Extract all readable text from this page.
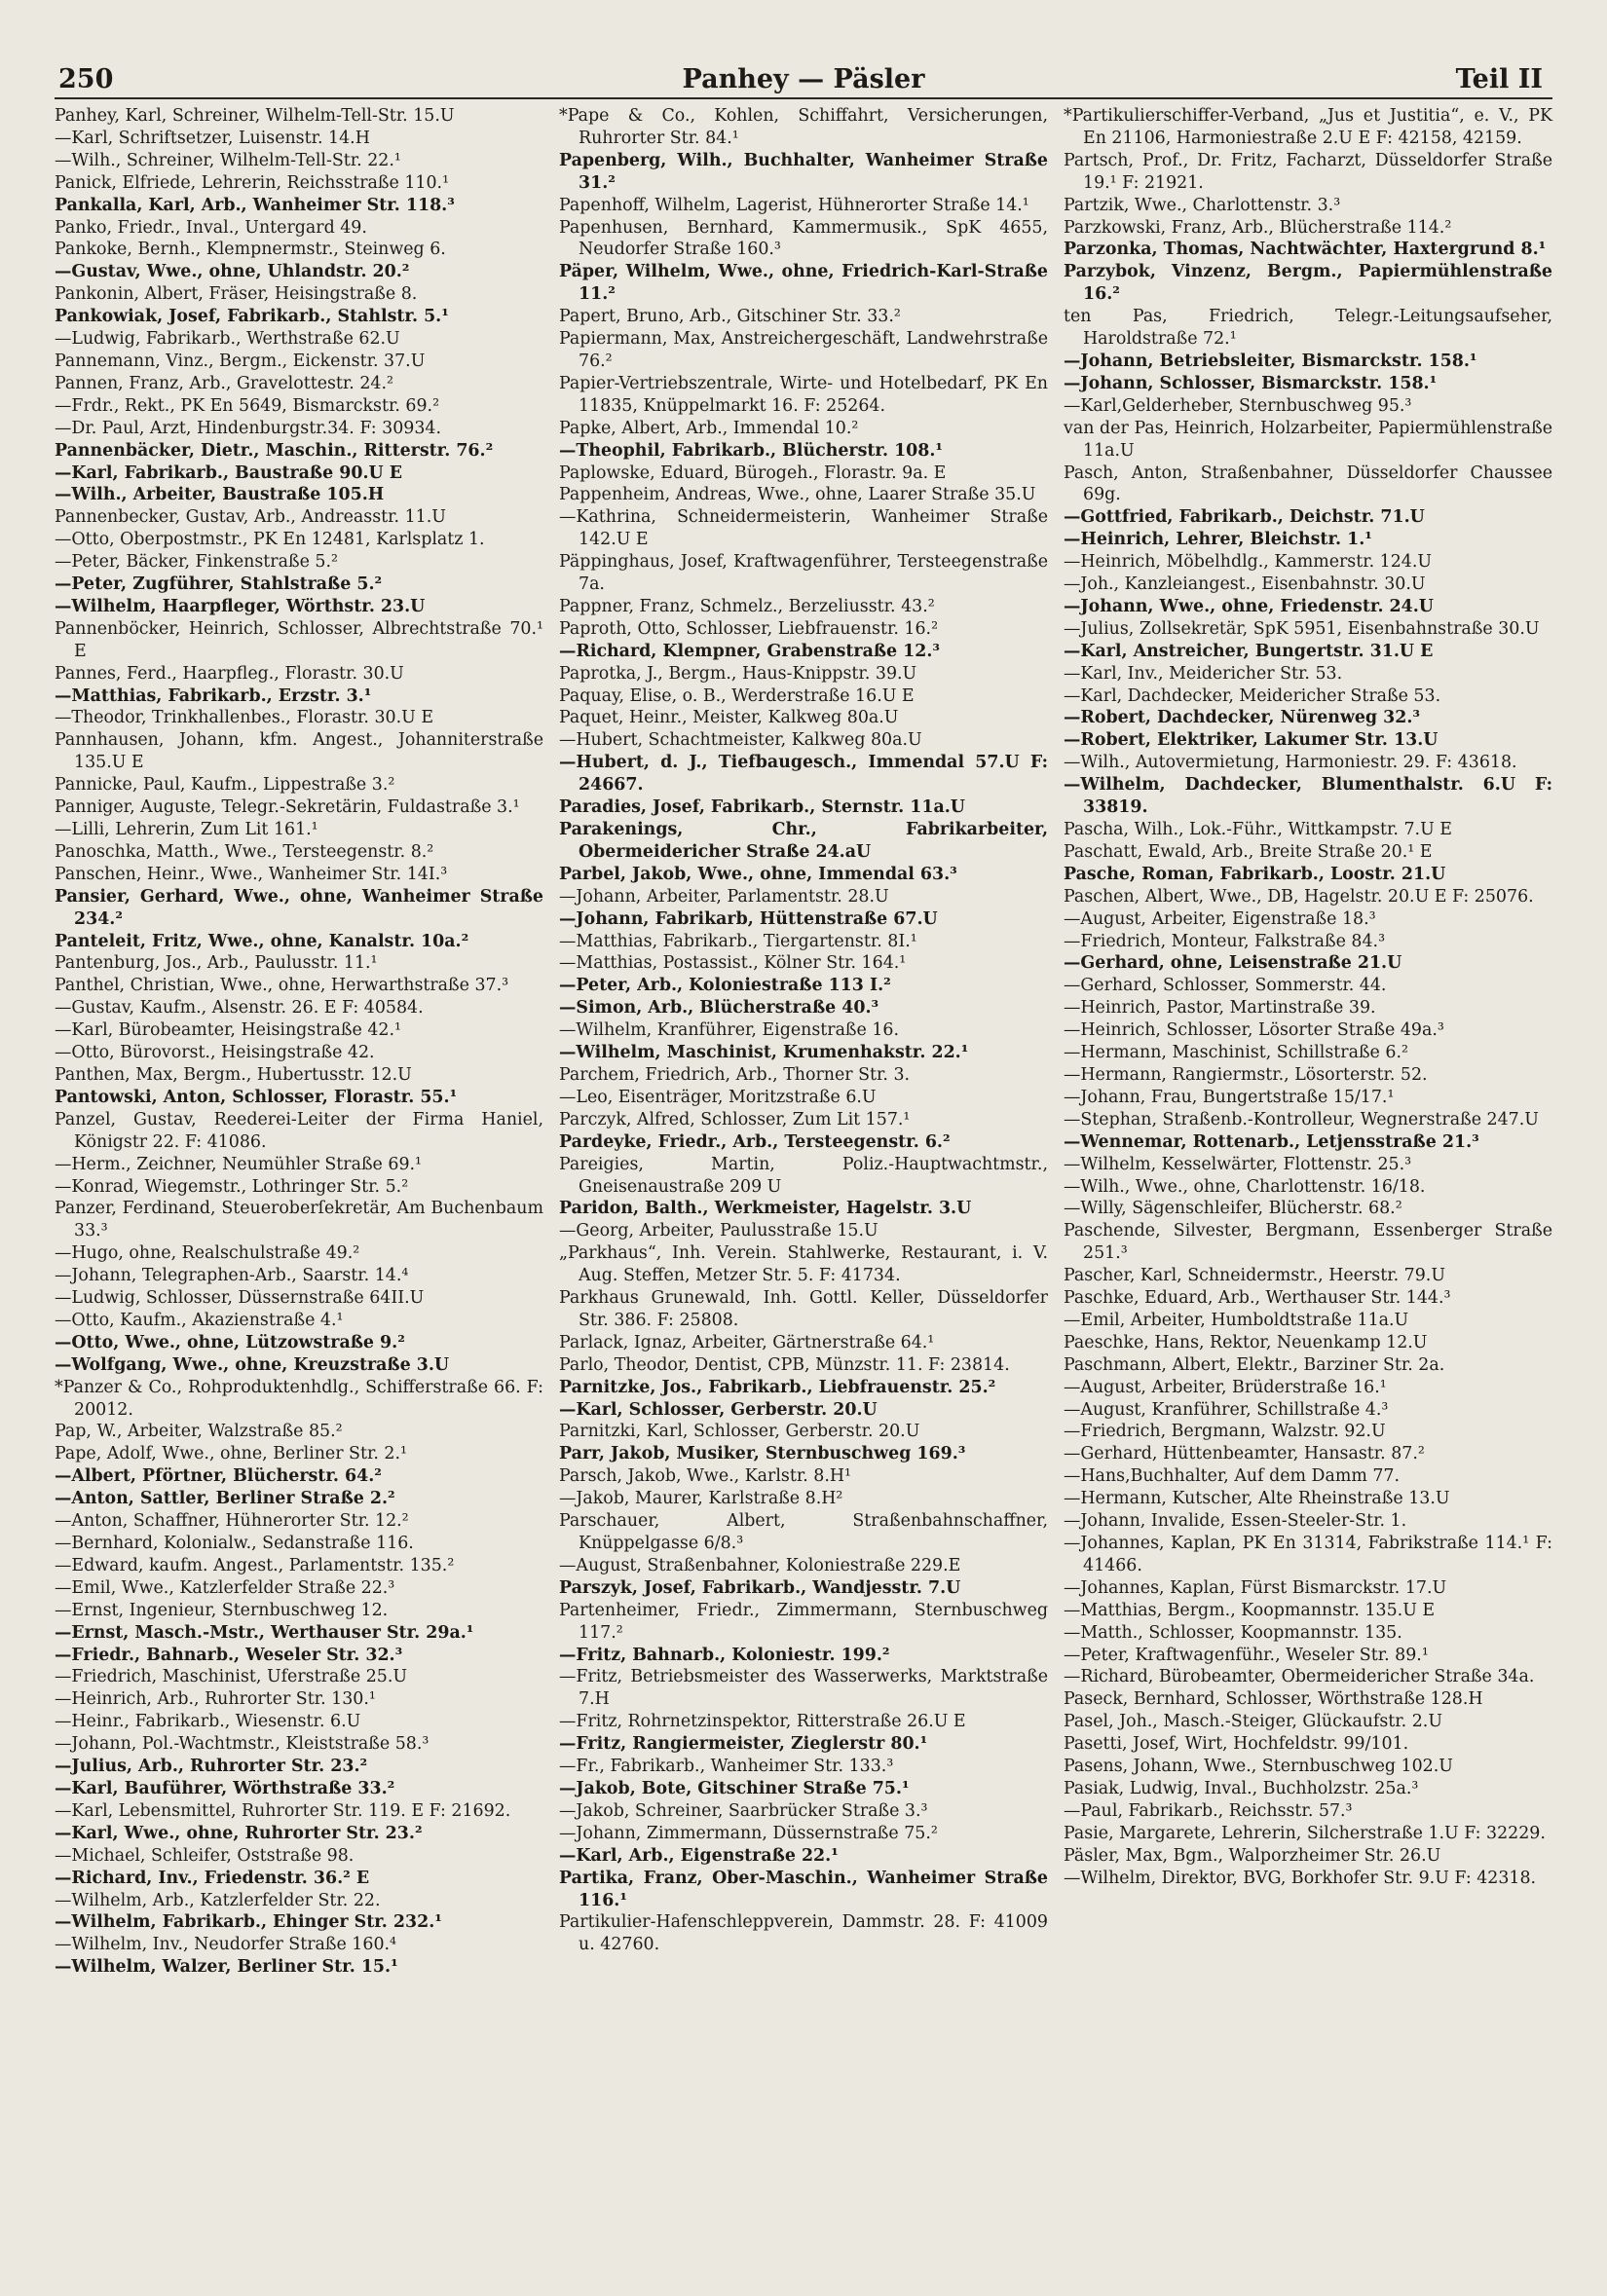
250	Panhey — Päsler	Teil II

Panhey, Karl, Schreiner, Wilhelm-Tell-Str. 15.U

—Karl, Schriftsetzer, Luisenstr. 14.H

—Wilh., Schreiner, Wilhelm-Tell-Str. 22.¹

Panick, Elfriede, Lehrerin, Reichsstraße 110.¹

Pankalla, Karl, Arb., Wanheimer Str. 118.³

Panko, Friedr., Inval., Untergard 49.

Pankoke, Bernh., Klempnermstr., Steinweg 6.

—Gustav, Wwe., ohne, Uhlandstr. 20.²

Pankonin, Albert, Fräser, Heisingstraße 8.

Pankowiak, Josef, Fabrikarb., Stahlstr. 5.¹

—Ludwig, Fabrikarb., Werthstraße 62.U

Pannemann, Vinz., Bergm., Eickenstr. 37.U

Pannen, Franz, Arb., Gravelottestr. 24.²

—Frdr., Rekt., PK En 5649, Bismarckstr. 69.²

—Dr. Paul, Arzt, Hindenburgstr.34. F: 30934.

Pannenbäcker, Dietr., Maschin., Ritterstr. 76.²

—Karl, Fabrikarb., Baustraße 90.U E

—Wilh., Arbeiter, Baustraße 105.H

Pannenbecker, Gustav, Arb., Andreasstr. 11.U

—Otto, Oberpostmstr., PK En 12481, Karlsplatz 1.

—Peter, Bäcker, Finkenstraße 5.²

—Peter, Zugführer, Stahlstraße 5.²

—Wilhelm, Haarpfleger, Wörthstr. 23.U

Pannenböcker, Heinrich, Schlosser, Albrechtstraße 70.¹ E

Pannes, Ferd., Haarpfleg., Florastr. 30.U

—Matthias, Fabrikarb., Erzstr. 3.¹

—Theodor, Trinkhallenbes., Florastr. 30.U E

Pannhausen, Johann, kfm. Angest., Johanniterstraße 135.U E

Pannicke, Paul, Kaufm., Lippestraße 3.²

Panniger, Auguste, Telegr.-Sekretärin, Fuldastraße 3.¹

—Lilli, Lehrerin, Zum Lit 161.¹

Panoschka, Matth., Wwe., Tersteegenstr. 8.²

Panschen, Heinr., Wwe., Wanheimer Str. 14I.³

Pansier, Gerhard, Wwe., ohne, Wanheimer Straße 234.²

Panteleit, Fritz, Wwe., ohne, Kanalstr. 10a.²

Pantenburg, Jos., Arb., Paulusstr. 11.¹

Panthel, Christian, Wwe., ohne, Herwarthstraße 37.³

—Gustav, Kaufm., Alsenstr. 26. E F: 40584.

—Karl, Bürobeamter, Heisingstraße 42.¹

—Otto, Bürovorst., Heisingstraße 42.

Panthen, Max, Bergm., Hubertusstr. 12.U

Pantowski, Anton, Schlosser, Florastr. 55.¹

Panzel, Gustav, Reederei-Leiter der Firma Haniel, Königstr 22. F: 41086.

—Herm., Zeichner, Neumühler Straße 69.¹

—Konrad, Wiegemstr., Lothringer Str. 5.²

Panzer, Ferdinand, Steueroberſekretär, Am Buchenbaum 33.³

—Hugo, ohne, Realschulstraße 49.²

—Johann, Telegraphen-Arb., Saarstr. 14.⁴

—Ludwig, Schlosser, Düssernstraße 64II.U

—Otto, Kaufm., Akazienstraße 4.¹

—Otto, Wwe., ohne, Lützowstraße 9.²

—Wolfgang, Wwe., ohne, Kreuzstraße 3.U

*Panzer & Co., Rohproduktenhdlg., Schifferstraße 66. F: 20012.

Pap, W., Arbeiter, Walzstraße 85.²

Pape, Adolf, Wwe., ohne, Berliner Str. 2.¹

—Albert, Pförtner, Blücherstr. 64.²

—Anton, Sattler, Berliner Straße 2.²

—Anton, Schaffner, Hühnerorter Str. 12.²

—Bernhard, Kolonialw., Sedanstraße 116.

—Edward, kaufm. Angest., Parlamentstr. 135.²

—Emil, Wwe., Katzlerfelder Straße 22.³

—Ernst, Ingenieur, Sternbuschweg 12.

—Ernst, Masch.-Mstr., Werthauser Str. 29a.¹

—Friedr., Bahnarb., Weseler Str. 32.³

—Friedrich, Maschinist, Uferstraße 25.U

—Heinrich, Arb., Ruhrorter Str. 130.¹

—Heinr., Fabrikarb., Wiesenstr. 6.U

—Johann, Pol.-Wachtmstr., Kleiststraße 58.³

—Julius, Arb., Ruhrorter Str. 23.²

—Karl, Bauführer, Wörthstraße 33.²

—Karl, Lebensmittel, Ruhrorter Str. 119. E F: 21692.

—Karl, Wwe., ohne, Ruhrorter Str. 23.²

—Michael, Schleifer, Oststraße 98.

—Richard, Inv., Friedenstr. 36.² E

—Wilhelm, Arb., Katzlerfelder Str. 22.

—Wilhelm, Fabrikarb., Ehinger Str. 232.¹

—Wilhelm, Inv., Neudorfer Straße 160.⁴

—Wilhelm, Walzer, Berliner Str. 15.¹

*Pape & Co., Kohlen, Schiffahrt, Versicherungen, Ruhrorter Str. 84.¹

Papenberg, Wilh., Buchhalter, Wanheimer Straße 31.²

Papenhoff, Wilhelm, Lagerist, Hühnerorter Straße 14.¹

Papenhusen, Bernhard, Kammermusik., SpK 4655, Neudorfer Straße 160.³

Päper, Wilhelm, Wwe., ohne, Friedrich-Karl-Straße 11.²

Papert, Bruno, Arb., Gitschiner Str. 33.²

Papiermann, Max, Anstreichergeschäft, Landwehrstraße 76.²

Papier-Vertriebszentrale, Wirte- und Hotelbedarf, PK En 11835, Knüppelmarkt 16. F: 25264.

Papke, Albert, Arb., Immendal 10.²

—Theophil, Fabrikarb., Blücherstr. 108.¹

Paplowske, Eduard, Bürogeh., Florastr. 9a. E

Pappenheim, Andreas, Wwe., ohne, Laarer Straße 35.U

—Kathrina, Schneidermeisterin, Wanheimer Straße 142.U E

Päppinghaus, Josef, Kraftwagenführer, Tersteegenstraße 7a.

Pappner, Franz, Schmelz., Berzeliusstr. 43.²

Paproth, Otto, Schlosser, Liebfrauenstr. 16.²

—Richard, Klempner, Grabenstraße 12.³

Paprotka, J., Bergm., Haus-Knippstr. 39.U

Paquay, Elise, o. B., Werderstraße 16.U E

Paquet, Heinr., Meister, Kalkweg 80a.U

—Hubert, Schachtmeister, Kalkweg 80a.U

—Hubert, d. J., Tiefbaugesch., Immendal 57.U F: 24667.

Paradies, Josef, Fabrikarb., Sternstr. 11a.U

Parakenings, Chr., Fabrikarbeiter, Obermeidericher Straße 24.aU

Parbel, Jakob, Wwe., ohne, Immendal 63.³

—Johann, Arbeiter, Parlamentstr. 28.U

—Johann, Fabrikarb, Hüttenstraße 67.U

—Matthias, Fabrikarb., Tiergartenstr. 8I.¹

—Matthias, Postassist., Kölner Str. 164.¹

—Peter, Arb., Koloniestraße 113 I.²

—Simon, Arb., Blücherstraße 40.³

—Wilhelm, Kranführer, Eigenstraße 16.

—Wilhelm, Maschinist, Krumenhakstr. 22.¹

Parchem, Friedrich, Arb., Thorner Str. 3.

—Leo, Eisenträger, Moritzstraße 6.U

Parczyk, Alfred, Schlosser, Zum Lit 157.¹

Pardeyke, Friedr., Arb., Tersteegenstr. 6.²

Pareigies, Martin, Poliz.-Hauptwachtmstr., Gneisenaustraße 209 U

Paridon, Balth., Werkmeister, Hagelstr. 3.U

—Georg, Arbeiter, Paulusstraße 15.U

„Parkhaus“, Inh. Verein. Stahlwerke, Restaurant, i. V. Aug. Steffen, Metzer Str. 5. F: 41734.

Parkhaus Grunewald, Inh. Gottl. Keller, Düsseldorfer Str. 386. F: 25808.

Parlack, Ignaz, Arbeiter, Gärtnerstraße 64.¹

Parlo, Theodor, Dentist, CPB, Münzstr. 11. F: 23814.

Parnitzke, Jos., Fabrikarb., Liebfrauenstr. 25.²

—Karl, Schlosser, Gerberstr. 20.U

Parnitzki, Karl, Schlosser, Gerberstr. 20.U

Parr, Jakob, Musiker, Sternbuschweg 169.³

Parsch, Jakob, Wwe., Karlstr. 8.H¹

—Jakob, Maurer, Karlstraße 8.H²

Parschauer, Albert, Straßenbahnschaffner, Knüppelgasse 6/8.³

—August, Straßenbahner, Koloniestraße 229.E

Parszyk, Josef, Fabrikarb., Wandjesstr. 7.U

Partenheimer, Friedr., Zimmermann, Sternbuschweg 117.²

—Fritz, Bahnarb., Koloniestr. 199.²

—Fritz, Betriebsmeister des Wasserwerks, Marktstraße 7.H

—Fritz, Rohrnetzinspektor, Ritterstraße 26.U E

—Fritz, Rangiermeister, Zieglerstr 80.¹

—Fr., Fabrikarb., Wanheimer Str. 133.³

—Jakob, Bote, Gitschiner Straße 75.¹

—Jakob, Schreiner, Saarbrücker Straße 3.³

—Johann, Zimmermann, Düssernstraße 75.²

—Karl, Arb., Eigenstraße 22.¹

Partika, Franz, Ober-Maschin., Wanheimer Straße 116.¹

Partikulier-Hafenschleppverein, Dammstr. 28. F: 41009 u. 42760.

*Partikulierschiffer-Verband, „Jus et Justitia“, e. V., PK En 21106, Harmoniestraße 2.U E F: 42158, 42159.

Partsch, Prof., Dr. Fritz, Facharzt, Düsseldorfer Straße 19.¹ F: 21921.

Partzik, Wwe., Charlottenstr. 3.³

Parzkowski, Franz, Arb., Blücherstraße 114.²

Parzonka, Thomas, Nachtwächter, Haxtergrund 8.¹

Parzybok, Vinzenz, Bergm., Papiermühlenstraße 16.²

ten Pas, Friedrich, Telegr.-Leitungsaufseher, Haroldstraße 72.¹

—Johann, Betriebsleiter, Bismarckstr. 158.¹

—Johann, Schlosser, Bismarckstr. 158.¹

—Karl,Gelderheber, Sternbuschweg 95.³

van der Pas, Heinrich, Holzarbeiter, Papiermühlenstraße 11a.U

Pasch, Anton, Straßenbahner, Düsseldorfer Chaussee 69g.

—Gottfried, Fabrikarb., Deichstr. 71.U

—Heinrich, Lehrer, Bleichstr. 1.¹

—Heinrich, Möbelhdlg., Kammerstr. 124.U

—Joh., Kanzleiangest., Eisenbahnstr. 30.U

—Johann, Wwe., ohne, Friedenstr. 24.U

—Julius, Zollsekretär, SpK 5951, Eisenbahnstraße 30.U

—Karl, Anstreicher, Bungertstr. 31.U E

—Karl, Inv., Meidericher Str. 53.

—Karl, Dachdecker, Meidericher Straße 53.

—Robert, Dachdecker, Nürenweg 32.³

—Robert, Elektriker, Lakumer Str. 13.U

—Wilh., Autovermietung, Harmoniestr. 29. F: 43618.

—Wilhelm, Dachdecker, Blumenthalstr. 6.U F: 33819.

Pascha, Wilh., Lok.-Führ., Wittkampstr. 7.U E

Paschatt, Ewald, Arb., Breite Straße 20.¹ E

Pasche, Roman, Fabrikarb., Loostr. 21.U

Paschen, Albert, Wwe., DB, Hagelstr. 20.U E F: 25076.

—August, Arbeiter, Eigenstraße 18.³

—Friedrich, Monteur, Falkstraße 84.³

—Gerhard, ohne, Leisenstraße 21.U

—Gerhard, Schlosser, Sommerstr. 44.

—Heinrich, Pastor, Martinstraße 39.

—Heinrich, Schlosser, Lösorter Straße 49a.³

—Hermann, Maschinist, Schillstraße 6.²

—Hermann, Rangiermstr., Lösorterstr. 52.

—Johann, Frau, Bungertstraße 15/17.¹

—Stephan, Straßenb.-Kontrolleur, Wegnerstraße 247.U

—Wennemar, Rottenarb., Letjensstraße 21.³

—Wilhelm, Kesselwärter, Flottenstr. 25.³

—Wilh., Wwe., ohne, Charlottenstr. 16/18.

—Willy, Sägenschleifer, Blücherstr. 68.²

Paschende, Silvester, Bergmann, Essenberger Straße 251.³

Pascher, Karl, Schneidermstr., Heerstr. 79.U

Paschke, Eduard, Arb., Werthauser Str. 144.³

—Emil, Arbeiter, Humboldtstraße 11a.U

Paeschke, Hans, Rektor, Neuenkamp 12.U

Paschmann, Albert, Elektr., Barziner Str. 2a.

—August, Arbeiter, Brüderstraße 16.¹

—August, Kranführer, Schillstraße 4.³

—Friedrich, Bergmann, Walzstr. 92.U

—Gerhard, Hüttenbeamter, Hansastr. 87.²

—Hans,Buchhalter, Auf dem Damm 77.

—Hermann, Kutscher, Alte Rheinstraße 13.U

—Johann, Invalide, Essen-Steeler-Str. 1.

—Johannes, Kaplan, PK En 31314, Fabrikstraße 114.¹ F: 41466.

—Johannes, Kaplan, Fürst Bismarckstr. 17.U

—Matthias, Bergm., Koopmannstr. 135.U E

—Matth., Schlosser, Koopmannstr. 135.

—Peter, Kraftwagenführ., Weseler Str. 89.¹

—Richard, Bürobeamter, Obermeidericher Straße 34a.

Paseck, Bernhard, Schlosser, Wörthstraße 128.H

Pasel, Joh., Masch.-Steiger, Glückaufstr. 2.U

Pasetti, Josef, Wirt, Hochfeldstr. 99/101.

Pasens, Johann, Wwe., Sternbuschweg 102.U

Pasiak, Ludwig, Inval., Buchholzstr. 25a.³

—Paul, Fabrikarb., Reichsstr. 57.³

Pasie, Margarete, Lehrerin, Silcherstraße 1.U F: 32229.

Päsler, Max, Bgm., Walporzheimer Str. 26.U

—Wilhelm, Direktor, BVG, Borkhofer Str. 9.U F: 42318.
